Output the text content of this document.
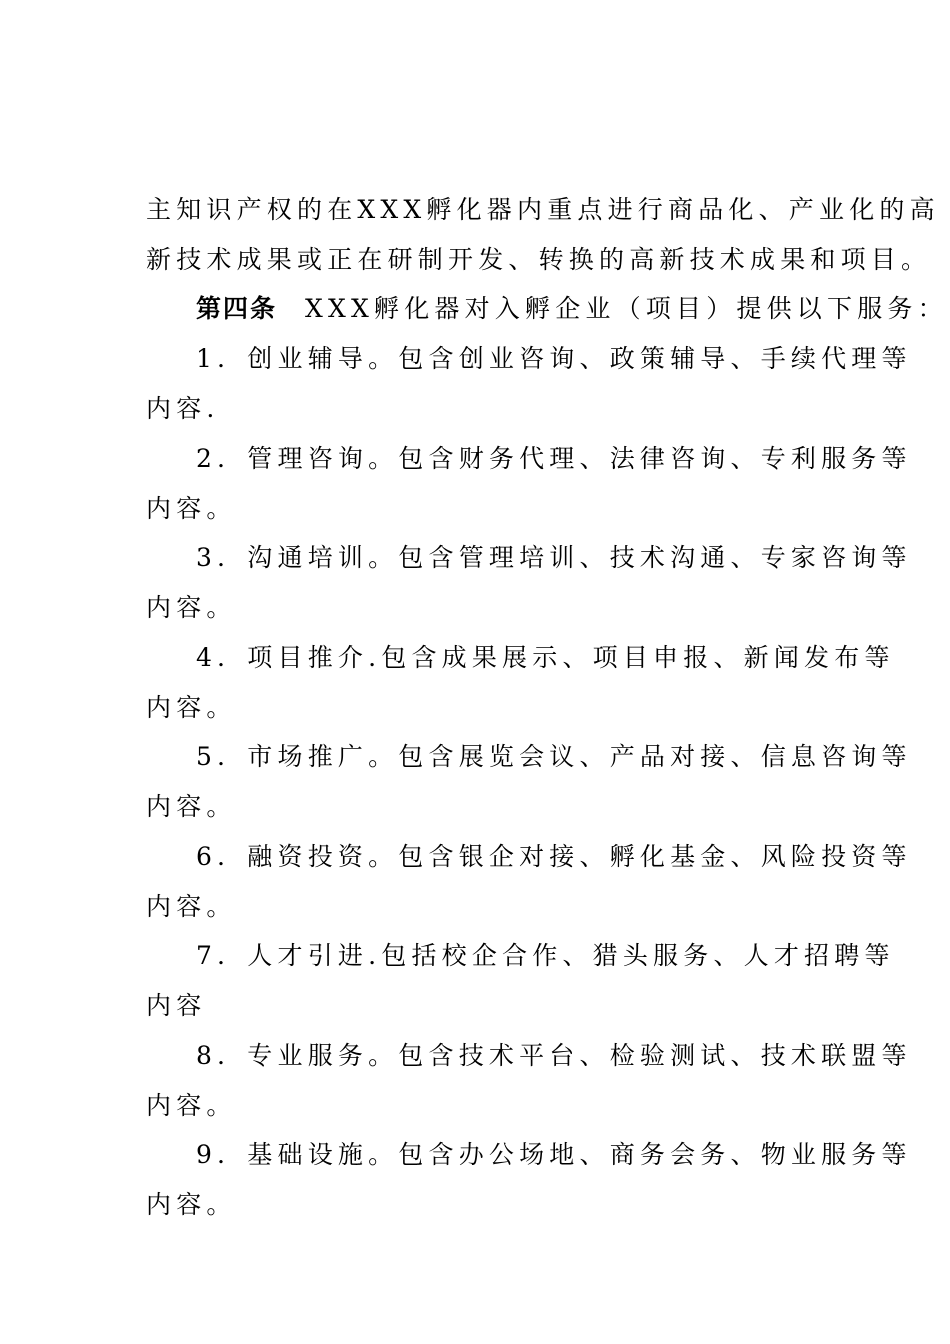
主知识产权的在XXX孵化器内重点进行商品化、产业化的高
新技术成果或正在研制开发、转换的高新技术成果和项目。
第四条 XXX孵化器对入孵企业（项目）提供以下服务：
1．创业辅导。包含创业咨询、政策辅导、手续代理等
内容.
2．管理咨询。包含财务代理、法律咨询、专利服务等
内容。
3．沟通培训。包含管理培训、技术沟通、专家咨询等
内容。
4．项目推介.包含成果展示、项目申报、新闻发布等
内容。
5．市场推广。包含展览会议、产品对接、信息咨询等
内容。
6．融资投资。包含银企对接、孵化基金、风险投资等
内容。
7．人才引进.包括校企合作、猎头服务、人才招聘等
内容
8．专业服务。包含技术平台、检验测试、技术联盟等
内容。
9．基础设施。包含办公场地、商务会务、物业服务等
内容。
